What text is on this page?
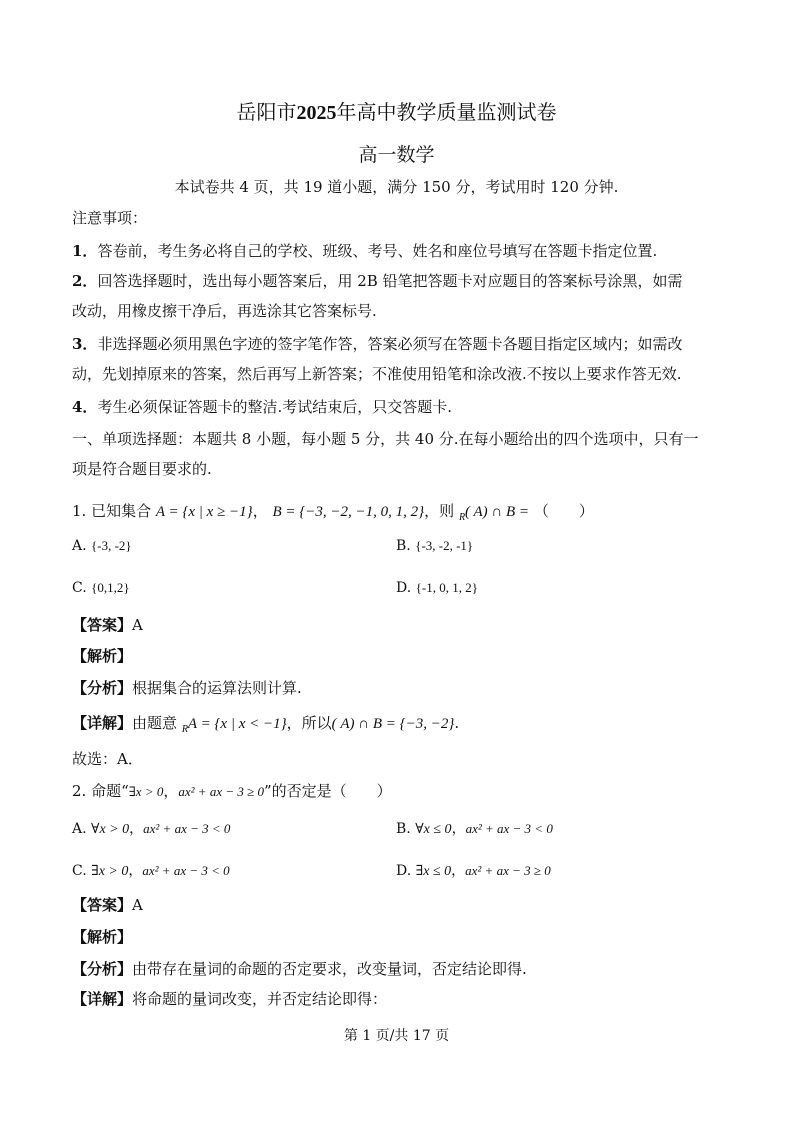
岳阳市2025年高中教学质量监测试卷
高一数学
本试卷共 4 页，共 19 道小题，满分 150 分，考试用时 120 分钟.
注意事项：
1．答卷前，考生务必将自己的学校、班级、考号、姓名和座位号填写在答题卡指定位置.
2．回答选择题时，选出每小题答案后，用 2B 铅笔把答题卡对应题目的答案标号涂黑，如需
改动，用橡皮擦干净后，再选涂其它答案标号.
3．非选择题必须用黑色字迹的签字笔作答，答案必须写在答题卡各题目指定区域内；如需改
动，先划掉原来的答案，然后再写上新答案；不准使用铅笔和涂改液.不按以上要求作答无效.
4．考生必须保证答题卡的整洁.考试结束后，只交答题卡.
一、单项选择题：本题共 8 小题，每小题 5 分，共 40 分.在每小题给出的四个选项中，只有一
项是符合题目要求的.
1. 已知集合 A = {x | x ≥ −1}， B = {−3, −2, −1, 0, 1, 2}，则 $_R$( A) ∩ B = （　　）
A. {-3, -2}	B. {-3, -2, -1}
C. {0,1,2}	D. {-1, 0, 1, 2}
【答案】A
【解析】
【分析】根据集合的运算法则计算.
【详解】由题意 $_R$A = {x | x < −1}，所以( A) ∩ B = {−3, −2}.
故选：A．
2. 命题“∃x > 0，ax² + ax − 3 ≥ 0”的否定是（　　）
A. ∀x > 0，ax² + ax − 3 < 0	B. ∀x ≤ 0，ax² + ax − 3 < 0
C. ∃x > 0，ax² + ax − 3 < 0	D. ∃x ≤ 0，ax² + ax − 3 ≥ 0
【答案】A
【解析】
【分析】由带存在量词的命题的否定要求，改变量词，否定结论即得.
【详解】将命题的量词改变，并否定结论即得：
第 1 页/共 17 页
